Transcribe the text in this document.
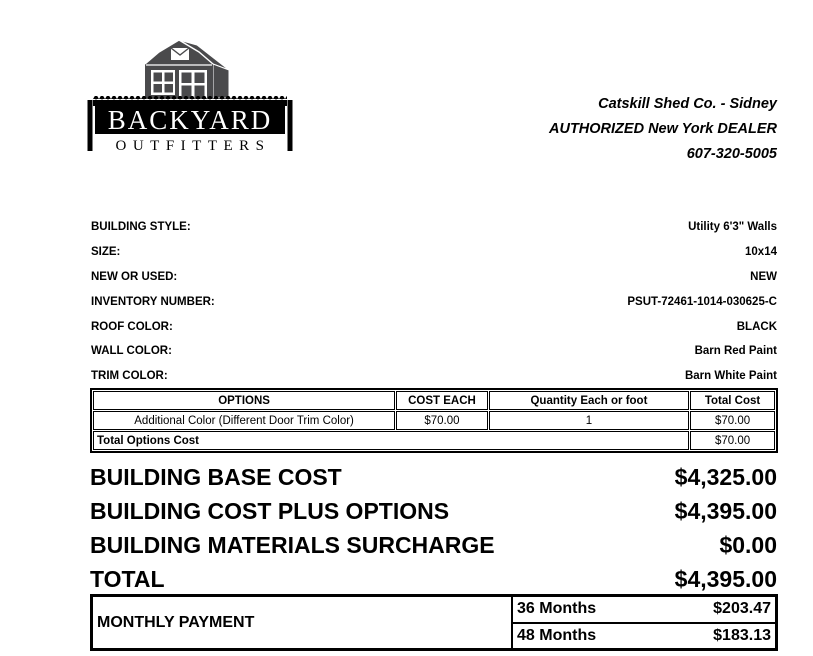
BACKYARD
OUTFITTERS
Catskill Shed Co. - Sidney
AUTHORIZED New York DEALER
607-320-5005
BUILDING STYLE:	Utility 6'3" Walls
SIZE:	10x14
NEW OR USED:	NEW
INVENTORY NUMBER:	PSUT-72461-1014-030625-C
ROOF COLOR:	BLACK
WALL COLOR:	Barn Red Paint
TRIM COLOR:	Barn White Paint
OPTIONS	COST EACH	Quantity Each or foot	Total Cost
Additional Color (Different Door Trim Color)	$70.00	1	$70.00
Total Options Cost			$70.00
BUILDING BASE COST	$4,325.00
BUILDING COST PLUS OPTIONS	$4,395.00
BUILDING MATERIALS SURCHARGE	$0.00
TOTAL	$4,395.00
MONTHLY PAYMENT
36 Months	$203.47
48 Months	$183.13
